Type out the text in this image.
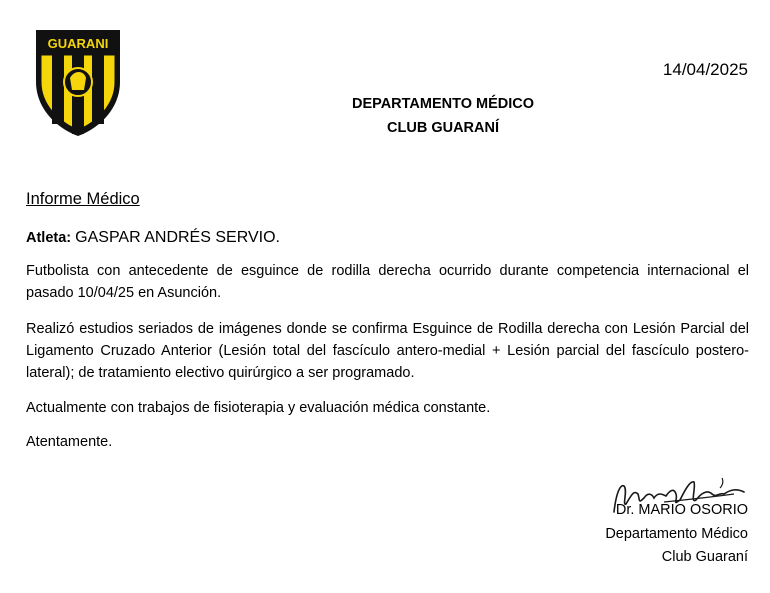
GUARANI
14/04/2025
DEPARTAMENTO MÉDICO
CLUB GUARANÍ
Informe Médico
Atleta: GASPAR ANDRÉS SERVIO.
Futbolista con antecedente de esguince de rodilla derecha ocurrido durante competencia internacional el pasado 10/04/25 en Asunción.
Realizó estudios seriados de imágenes donde se confirma Esguince de Rodilla derecha con Lesión Parcial del Ligamento Cruzado Anterior (Lesión total del fascículo antero-medial + Lesión parcial del fascículo postero-lateral); de tratamiento electivo quirúrgico a ser programado.
Actualmente con trabajos de fisioterapia y evaluación médica constante.
Atentamente.
Dr. MARIO OSORIO
Departamento Médico
Club Guaraní
